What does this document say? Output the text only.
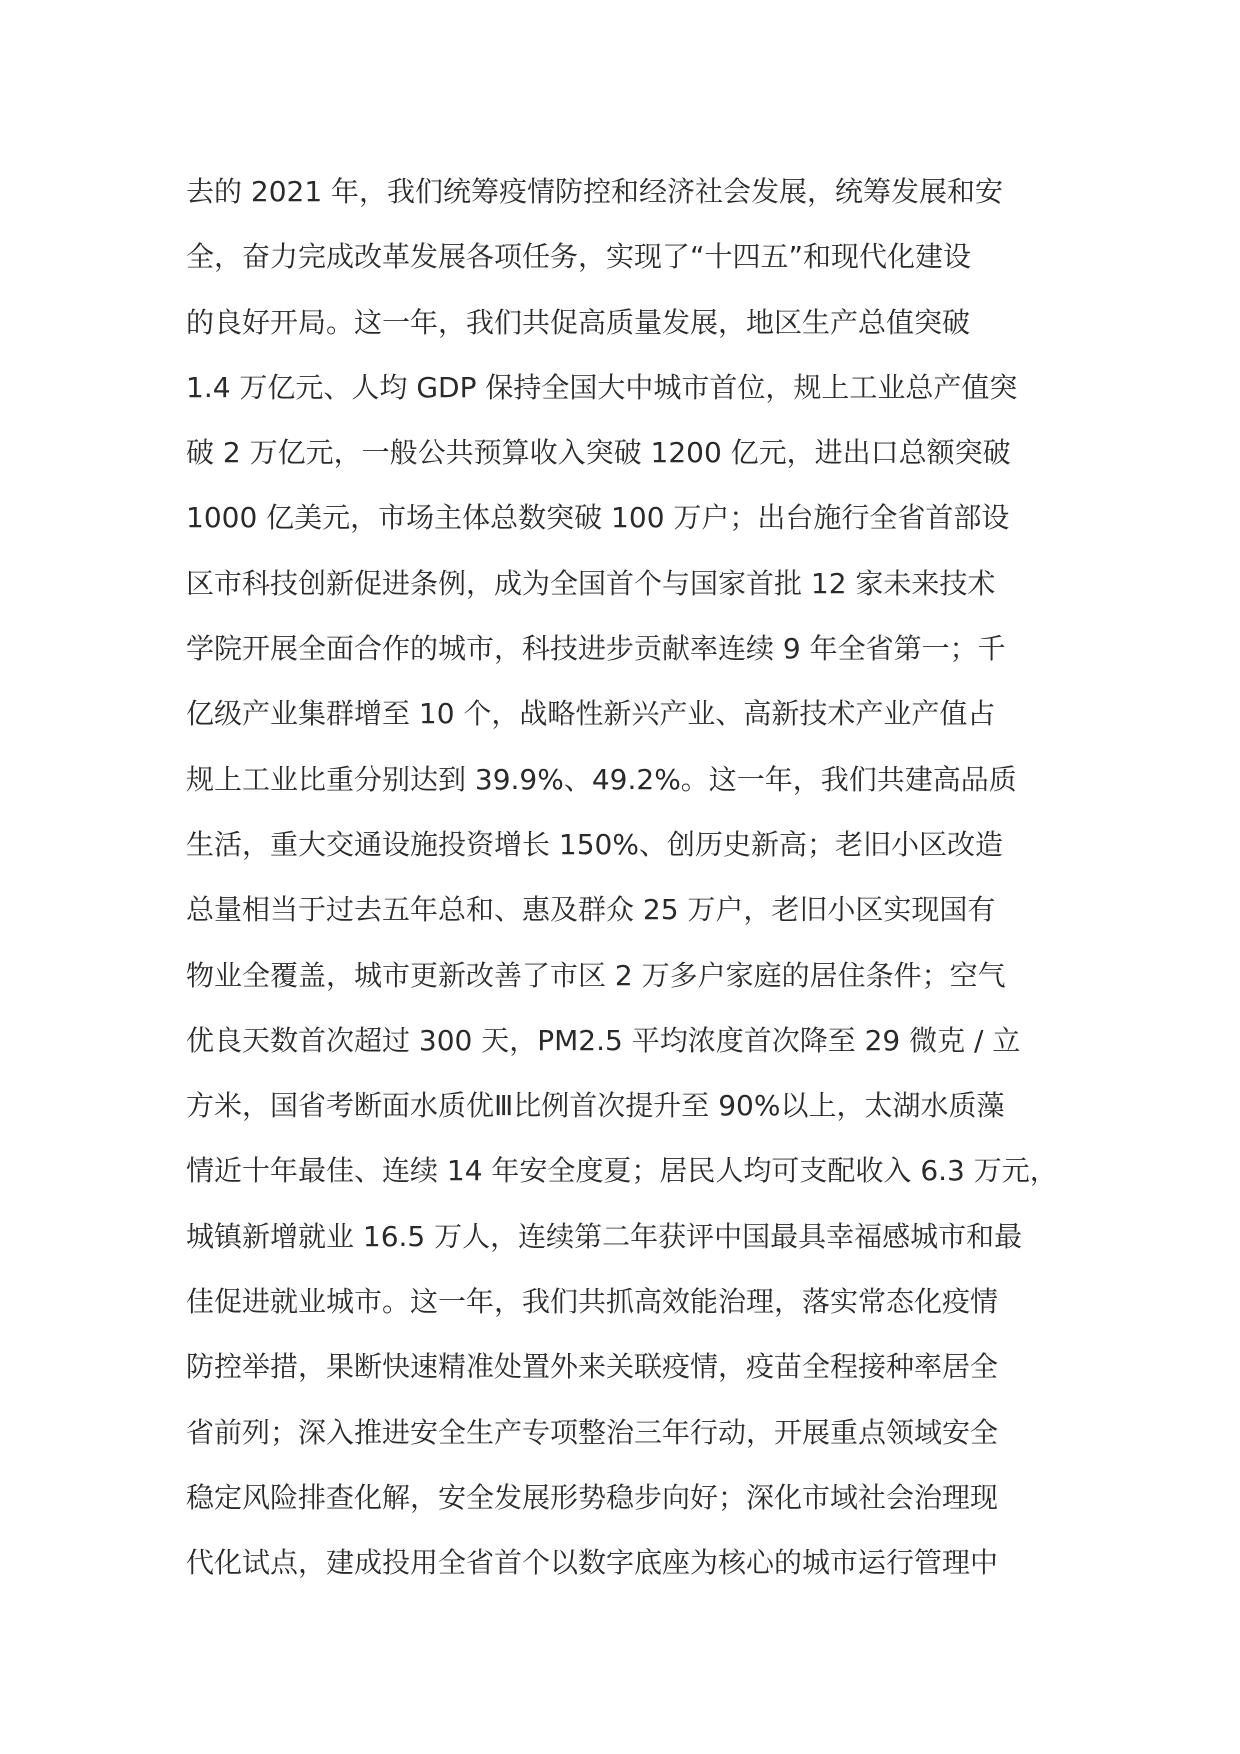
去的 2021 年，我们统筹疫情防控和经济社会发展，统筹发展和安
全，奋力完成改革发展各项任务，实现了“十四五”和现代化建设
的良好开局。这一年，我们共促高质量发展，地区生产总值突破
1.4 万亿元、人均 GDP 保持全国大中城市首位，规上工业总产值突
破 2 万亿元，一般公共预算收入突破 1200 亿元，进出口总额突破
1000 亿美元，市场主体总数突破 100 万户；出台施行全省首部设
区市科技创新促进条例，成为全国首个与国家首批 12 家未来技术
学院开展全面合作的城市，科技进步贡献率连续 9 年全省第一；千
亿级产业集群增至 10 个，战略性新兴产业、高新技术产业产值占
规上工业比重分别达到 39.9%、49.2%。这一年，我们共建高品质
生活，重大交通设施投资增长 150%、创历史新高；老旧小区改造
总量相当于过去五年总和、惠及群众 25 万户，老旧小区实现国有
物业全覆盖，城市更新改善了市区 2 万多户家庭的居住条件；空气
优良天数首次超过 300 天，PM2.5 平均浓度首次降至 29 微克 / 立
方米，国省考断面水质优Ⅲ比例首次提升至 90%以上，太湖水质藻
情近十年最佳、连续 14 年安全度夏；居民人均可支配收入 6.3 万元，
城镇新增就业 16.5 万人，连续第二年获评中国最具幸福感城市和最
佳促进就业城市。这一年，我们共抓高效能治理，落实常态化疫情
防控举措，果断快速精准处置外来关联疫情，疫苗全程接种率居全
省前列；深入推进安全生产专项整治三年行动，开展重点领域安全
稳定风险排查化解，安全发展形势稳步向好；深化市域社会治理现
代化试点，建成投用全省首个以数字底座为核心的城市运行管理中
